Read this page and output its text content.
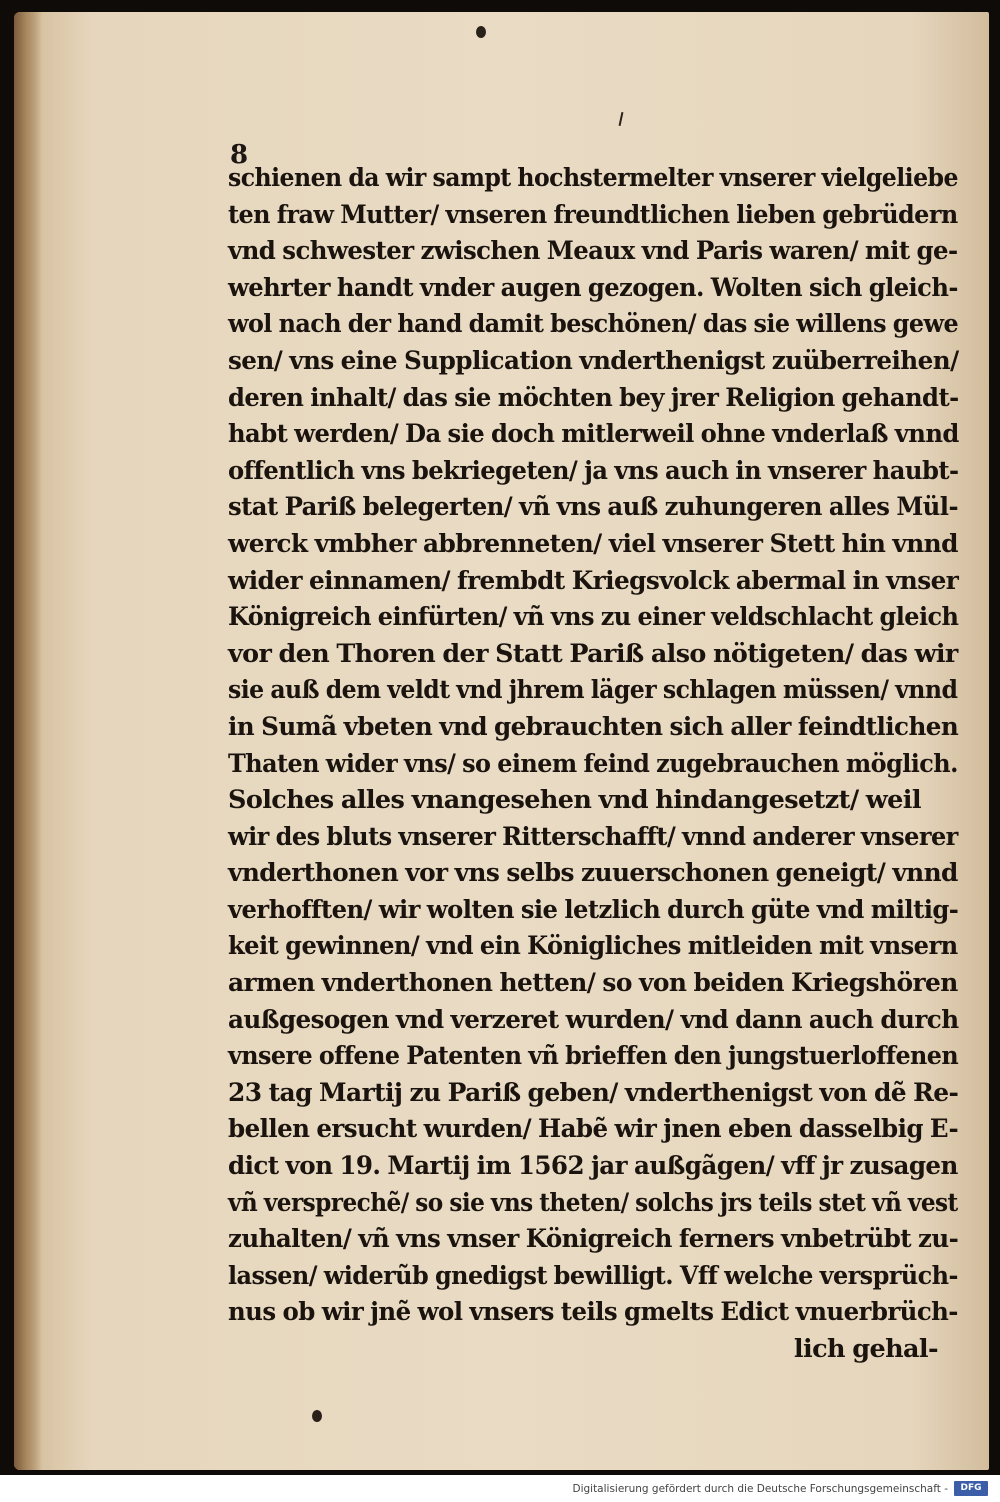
8
schienen da wir sampt hochstermelter vnserer vielgeliebe
ten fraw Mutter/ vnseren freundtlichen lieben gebrüdern
vnd schwester zwischen Meaux vnd Paris waren/ mit ge-
wehrter handt vnder augen gezogen. Wolten sich gleich-
wol nach der hand damit beschönen/ das sie willens gewe
sen/ vns eine Supplication vnderthenigst zuüberreihen/
deren inhalt/ das sie möchten bey jrer Religion gehandt-
habt werden/ Da sie doch mitlerweil ohne vnderlaß vnnd
offentlich vns bekriegeten/ ja vns auch in vnserer haubt-
stat Pariß belegerten/ vñ vns auß zuhungeren alles Mül-
werck vmbher abbrenneten/ viel vnserer Stett hin vnnd
wider einnamen/ frembdt Kriegsvolck abermal in vnser
Königreich einfürten/ vñ vns zu einer veldschlacht gleich
vor den Thoren der Statt Pariß also nötigeten/ das wir
sie auß dem veldt vnd jhrem läger schlagen müssen/ vnnd
in Sumã vbeten vnd gebrauchten sich aller feindtlichen
Thaten wider vns/ so einem feind zugebrauchen möglich.
Solches alles vnangesehen vnd hindangesetzt/ weil
wir des bluts vnserer Ritterschafft/ vnnd anderer vnserer
vnderthonen vor vns selbs zuuerschonen geneigt/ vnnd
verhofften/ wir wolten sie letzlich durch güte vnd miltig-
keit gewinnen/ vnd ein Königliches mitleiden mit vnsern
armen vnderthonen hetten/ so von beiden Kriegshören
außgesogen vnd verzeret wurden/ vnd dann auch durch
vnsere offene Patenten vñ brieffen den jungstuerloffenen
23 tag Martij zu Pariß geben/ vnderthenigst von dẽ Re-
bellen ersucht wurden/ Habẽ wir jnen eben dasselbig E-
dict von 19. Martij im 1562 jar außgãgen/ vff jr zusagen
vñ versprechẽ/ so sie vns theten/ solchs jrs teils stet vñ vest
zuhalten/ vñ vns vnser Königreich ferners vnbetrübt zu-
lassen/ widerũb gnedigst bewilligt. Vff welche versprüch-
nus ob wir jnẽ wol vnsers teils gmelts Edict vnuerbrüch-
lich gehal-
Digitalisierung gefördert durch die Deutsche Forschungsgemeinschaft -	DFG
